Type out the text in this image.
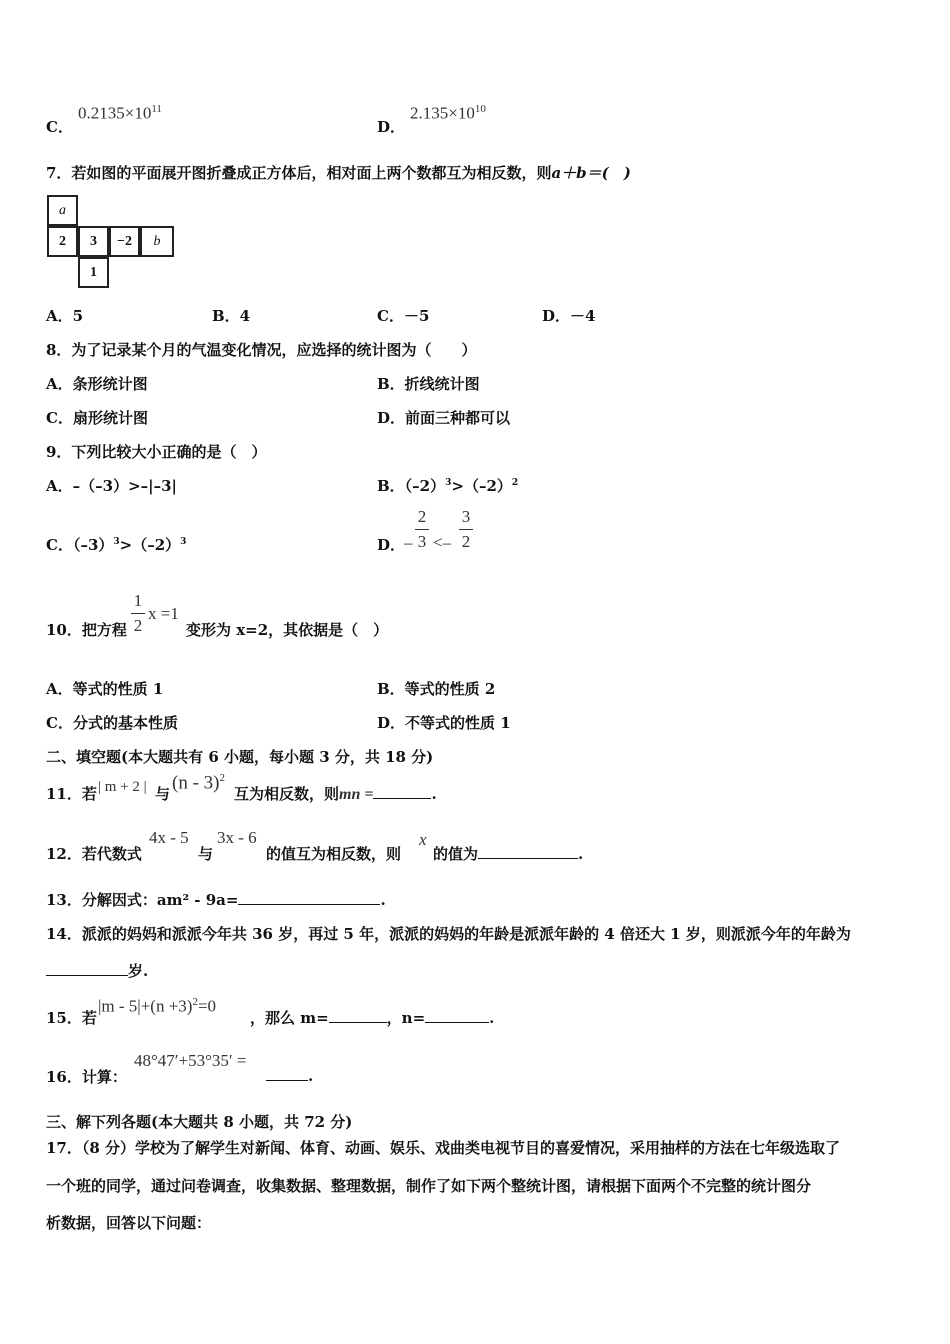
C．
$0.2135\times 10^{11}$
D．
$2.135\times 10^{10}$
7．若如图的平面展开图折叠成正方体后，相对面上两个数都互为相反数，则a＋b＝(　)
a
2	3	−2	b
1
A．5	B．4	C．－5	D．－4
8．为了记录某个月的气温变化情况，应选择的统计图为（　　）
A．条形统计图	B．折线统计图
C．扇形统计图	D．前面三种都可以
9．下列比较大小正确的是（　）
A．–（–3）>–|–3|	B．$(-2)^3>(-2)^2$
C．$(-3)^3>(-2)^3$	D．
–
2
3 <–
3
2
10．把方程
1
2
x =1
变形为 x=2，其依据是（　）
A．等式的性质 1	B．等式的性质 2
C．分式的基本性质	D．不等式的性质 1
二、填空题(本大题共有 6 小题，每小题 3 分，共 18 分)
11．若 | m + 2 | 与
(n - 3)$^2$
互为相反数，则mn =	.
12．若代数式
4x - 5
与
3x - 6
的值互为相反数，则
x
的值为	.
13．分解因式：am² - 9a=	.
14．派派的妈妈和派派今年共 36 岁，再过 5 年，派派的妈妈的年龄是派派年龄的 4 倍还大 1 岁，则派派今年的年龄为
岁.
15．若
$|m - 5|+(n +3)^2=0$
，那么 m=	，n=	.
16．计算：
48°47′+53°35′ =
.
三、解下列各题(本大题共 8 小题，共 72 分)
17．（8 分）学校为了解学生对新闻、体育、动画、娱乐、戏曲类电视节目的喜爱情况，采用抽样的方法在七年级选取了
一个班的同学，通过问卷调查，收集数据、整理数据，制作了如下两个整统计图，请根据下面两个不完整的统计图分
析数据，回答以下问题：
